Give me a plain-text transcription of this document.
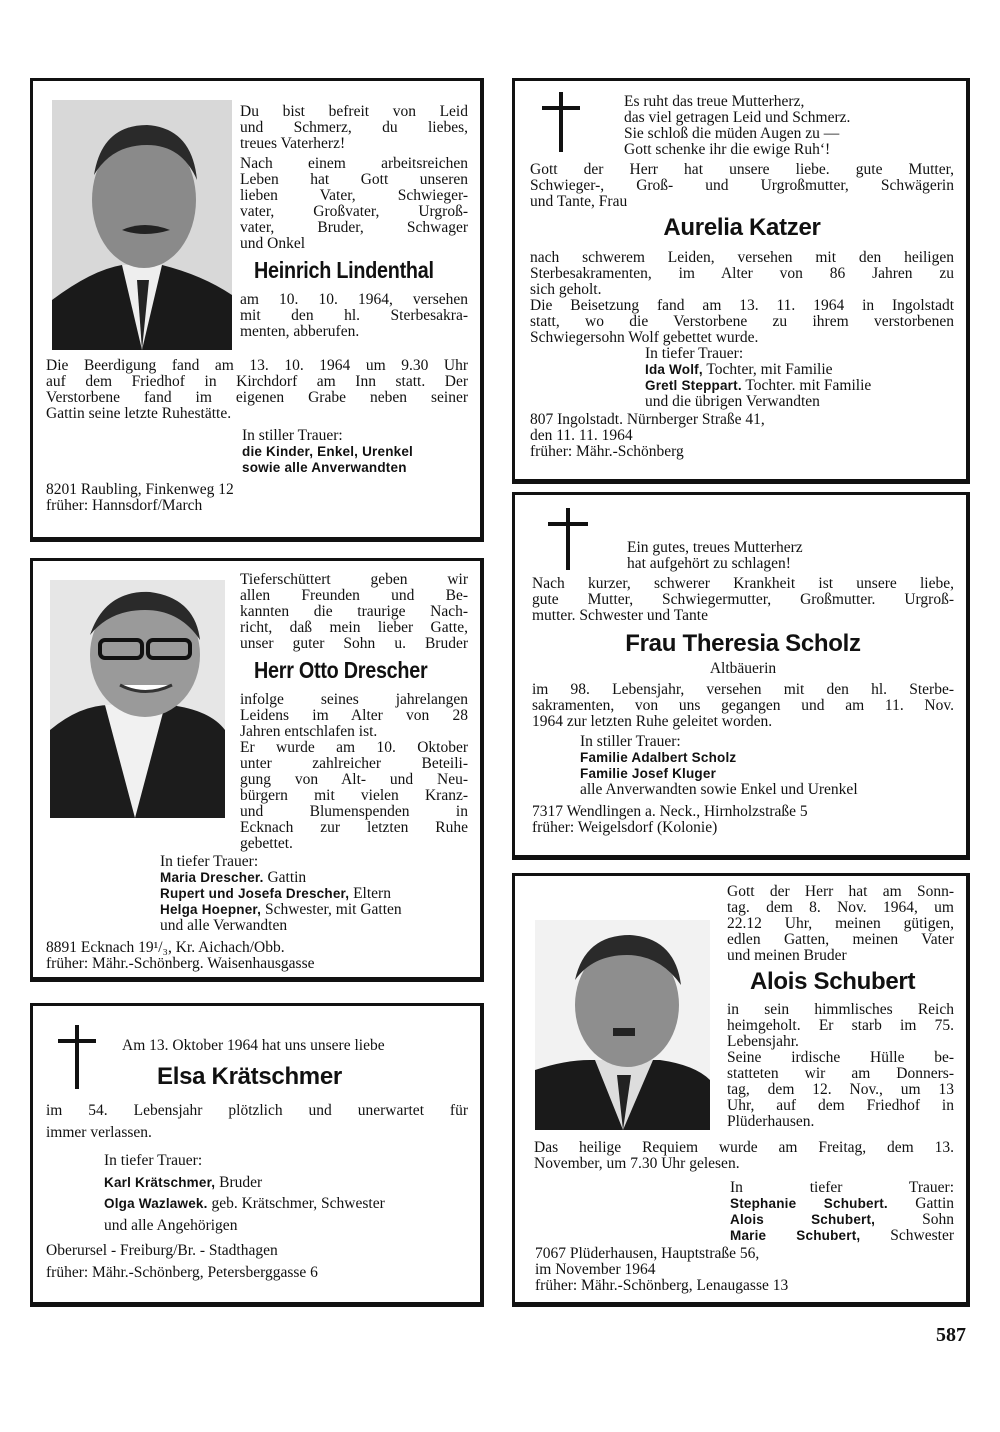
Du bist befreit von Leid
und Schmerz, du liebes,
treues Vaterherz!
Nach einem arbeitsreichen
Leben hat Gott unseren
lieben Vater, Schwieger-
vater, Großvater, Urgroß-
vater, Bruder, Schwager
und Onkel
Heinrich Lindenthal
am 10. 10. 1964, versehen
mit den hl. Sterbesakra-
menten, abberufen.
Die Beerdigung fand am 13. 10. 1964 um 9.30 Uhr
auf dem Friedhof in Kirchdorf am Inn statt. Der
Verstorbene fand im eigenen Grabe neben seiner
Gattin seine letzte Ruhestätte.
In stiller Trauer:
die Kinder, Enkel, Urenkel
sowie alle Anverwandten
8201 Raubling, Finkenweg 12
früher: Hannsdorf/March
Es ruht das treue Mutterherz,
das viel getragen Leid und Schmerz.
Sie schloß die müden Augen zu —
Gott schenke ihr die ewige Ruh‘!
Gott der Herr hat unsere liebe. gute Mutter,
Schwieger-, Groß- und Urgroßmutter, Schwägerin
und Tante, Frau
Aurelia Katzer
nach schwerem Leiden, versehen mit den heiligen
Sterbesakramenten, im Alter von 86 Jahren zu
sich geholt.
Die Beisetzung fand am 13. 11. 1964 in Ingolstadt
statt, wo die Verstorbene zu ihrem verstorbenen
Schwiegersohn Wolf gebettet wurde.
In tiefer Trauer:
Ida Wolf, Tochter, mit Familie
Gretl Steppart. Tochter. mit Familie
und die übrigen Verwandten
807 Ingolstadt. Nürnberger Straße 41,
den 11. 11. 1964
früher: Mähr.-Schönberg
Tieferschüttert geben wir
allen Freunden und Be-
kannten die traurige Nach-
richt, daß mein lieber Gatte,
unser guter Sohn u. Bruder
Herr Otto Drescher
infolge seines jahrelangen
Leidens im Alter von 28
Jahren entschlafen ist.
Er wurde am 10. Oktober
unter zahlreicher Beteili-
gung von Alt- und Neu-
bürgern mit vielen Kranz-
und Blumenspenden in
Ecknach zur letzten Ruhe
gebettet.
In tiefer Trauer:
Maria Drescher. Gattin
Rupert und Josefa Drescher, Eltern
Helga Hoepner, Schwester, mit Gatten
und alle Verwandten
8891 Ecknach 19¹/₃, Kr. Aichach/Obb.
früher: Mähr.-Schönberg. Waisenhausgasse
Am 13. Oktober 1964 hat uns unsere liebe
Elsa Krätschmer
im 54. Lebensjahr plötzlich und unerwartet für
immer verlassen.
In tiefer Trauer:
Karl Krätschmer, Bruder
Olga Wazlawek. geb. Krätschmer, Schwester
und alle Angehörigen
Oberursel - Freiburg/Br. - Stadthagen
früher: Mähr.-Schönberg, Petersberggasse 6
Ein gutes, treues Mutterherz
hat aufgehört zu schlagen!
Nach kurzer, schwerer Krankheit ist unsere liebe,
gute Mutter, Schwiegermutter, Großmutter. Urgroß-
mutter. Schwester und Tante
Frau Theresia Scholz
Altbäuerin
im 98. Lebensjahr, versehen mit den hl. Sterbe-
sakramenten, von uns gegangen und am 11. Nov.
1964 zur letzten Ruhe geleitet worden.
In stiller Trauer:
Familie Adalbert Scholz
Familie Josef Kluger
alle Anverwandten sowie Enkel und Urenkel
7317 Wendlingen a. Neck., Hirnholzstraße 5
früher: Weigelsdorf (Kolonie)
Gott der Herr hat am Sonn-
tag. dem 8. Nov. 1964, um
22.12 Uhr, meinen gütigen,
edlen Gatten, meinen Vater
und meinen Bruder
Alois Schubert
in sein himmlisches Reich
heimgeholt. Er starb im 75.
Lebensjahr.
Seine irdische Hülle be-
statteten wir am Donners-
tag, dem 12. Nov., um 13
Uhr, auf dem Friedhof in
Plüderhausen.
Das heilige Requiem wurde am Freitag, dem 13.
November, um 7.30 Uhr gelesen.
In tiefer Trauer:
Stephanie Schubert. Gattin
Alois Schubert, Sohn
Marie Schubert, Schwester
7067 Plüderhausen, Hauptstraße 56,
im November 1964
früher: Mähr.-Schönberg, Lenaugasse 13
587
